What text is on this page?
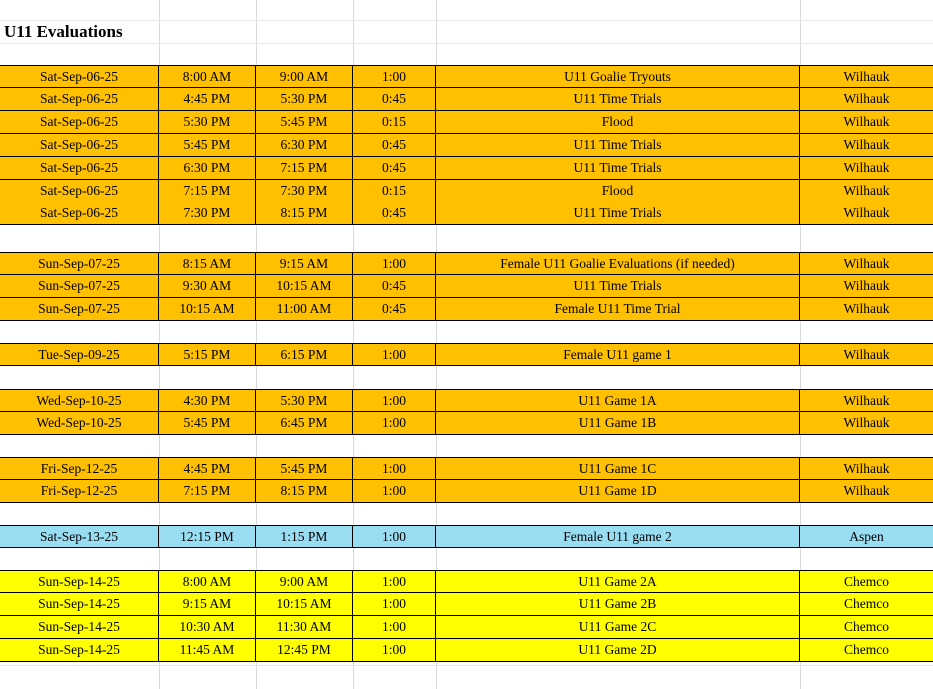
U11 Evaluations
Sat-Sep-06-25	8:00 AM	9:00 AM	1:00	U11 Goalie Tryouts	Wilhauk
Sat-Sep-06-25	4:45 PM	5:30 PM	0:45	U11 Time Trials	Wilhauk
Sat-Sep-06-25	5:30 PM	5:45 PM	0:15	Flood	Wilhauk
Sat-Sep-06-25	5:45 PM	6:30 PM	0:45	U11 Time Trials	Wilhauk
Sat-Sep-06-25	6:30 PM	7:15 PM	0:45	U11 Time Trials	Wilhauk
Sat-Sep-06-25	7:15 PM	7:30 PM	0:15	Flood	Wilhauk
Sat-Sep-06-25	7:30 PM	8:15 PM	0:45	U11 Time Trials	Wilhauk
Sun-Sep-07-25	8:15 AM	9:15 AM	1:00	Female U11 Goalie Evaluations (if needed)	Wilhauk
Sun-Sep-07-25	9:30 AM	10:15 AM	0:45	U11 Time Trials	Wilhauk
Sun-Sep-07-25	10:15 AM	11:00 AM	0:45	Female U11 Time Trial	Wilhauk
Tue-Sep-09-25	5:15 PM	6:15 PM	1:00	Female U11 game 1	Wilhauk
Wed-Sep-10-25	4:30 PM	5:30 PM	1:00	U11 Game 1A	Wilhauk
Wed-Sep-10-25	5:45 PM	6:45 PM	1:00	U11 Game 1B	Wilhauk
Fri-Sep-12-25	4:45 PM	5:45 PM	1:00	U11 Game 1C	Wilhauk
Fri-Sep-12-25	7:15 PM	8:15 PM	1:00	U11 Game 1D	Wilhauk
Sat-Sep-13-25	12:15 PM	1:15 PM	1:00	Female U11 game 2	Aspen
Sun-Sep-14-25	8:00 AM	9:00 AM	1:00	U11 Game 2A	Chemco
Sun-Sep-14-25	9:15 AM	10:15 AM	1:00	U11 Game 2B	Chemco
Sun-Sep-14-25	10:30 AM	11:30 AM	1:00	U11 Game 2C	Chemco
Sun-Sep-14-25	11:45 AM	12:45 PM	1:00	U11 Game 2D	Chemco
